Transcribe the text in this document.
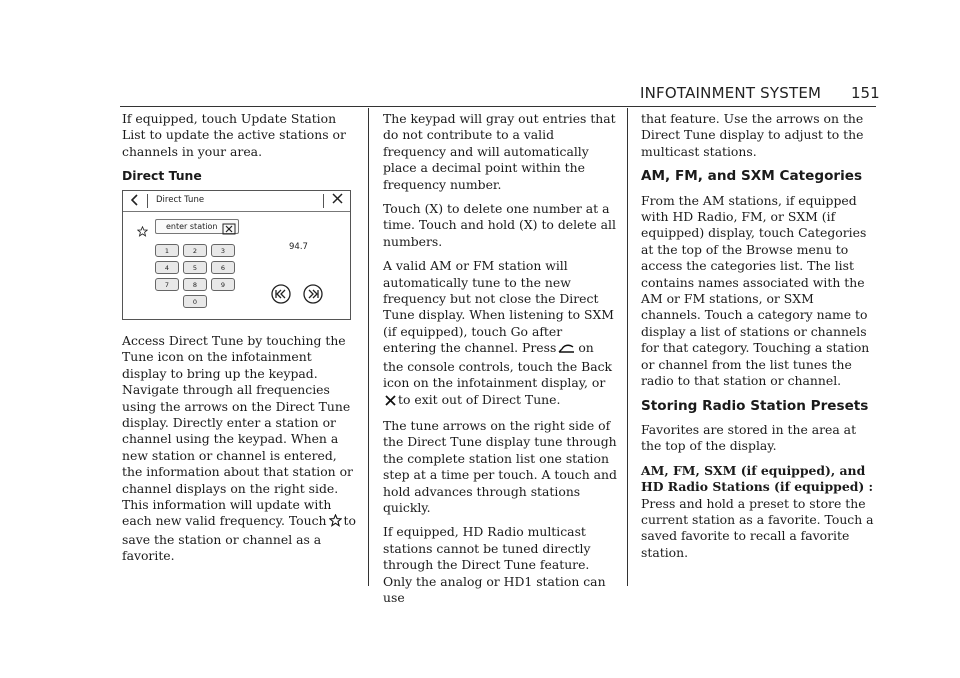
INFOTAINMENT SYSTEM 151

If equipped, touch Update Station List to update the active stations or channels in your area.

Direct Tune
Direct Tune
enter station
1	2	3
4	5	6
7	8	9
0
94.7

Access Direct Tune by touching the Tune icon on the infotainment display to bring up the keypad. Navigate through all frequencies using the arrows on the Direct Tune display. Directly enter a station or channel using the keypad. When a new station or channel is entered, the information about that station or channel displays on the right side. This information will update with each new valid frequency. Touch to save the station or channel as a favorite.

The keypad will gray out entries that do not contribute to a valid frequency and will automatically place a decimal point within the frequency number.

Touch (X) to delete one number at a time. Touch and hold (X) to delete all numbers.

A valid AM or FM station will automatically tune to the new frequency but not close the Direct Tune display. When listening to SXM (if equipped), touch Go after entering the channel. Press on the console controls, touch the Back icon on the infotainment display, orto exit out of Direct Tune.

The tune arrows on the right side of the Direct Tune display tune through the complete station list one station step at a time per touch. A touch and hold advances through stations quickly.

If equipped, HD Radio multicast stations cannot be tuned directly through the Direct Tune feature. Only the analog or HD1 station can use

that feature. Use the arrows on the Direct Tune display to adjust to the multicast stations.

AM, FM, and SXM Categories

From the AM stations, if equipped with HD Radio, FM, or SXM (if equipped) display, touch Categories at the top of the Browse menu to access the categories list. The list contains names associated with the AM or FM stations, or SXM channels. Touch a category name to display a list of stations or channels for that category. Touching a station or channel from the list tunes the radio to that station or channel.

Storing Radio Station Presets

Favorites are stored in the area at the top of the display.

AM, FM, SXM (if equipped), and HD Radio Stations (if equipped) : Press and hold a preset to store the current station as a favorite. Touch a saved favorite to recall a favorite station.
